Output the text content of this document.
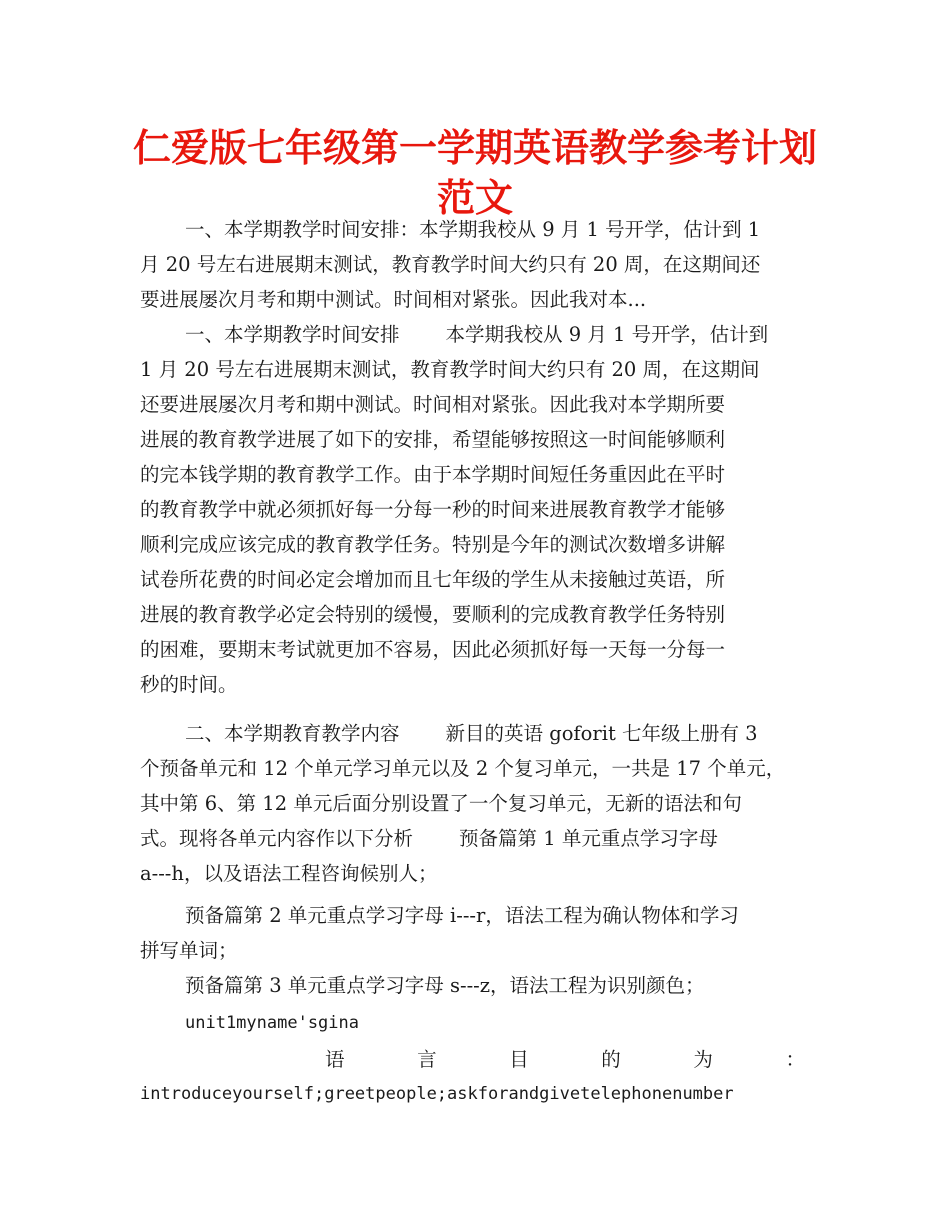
仁爱版七年级第一学期英语教学参考计划
范文
一、本学期教学时间安排：本学期我校从 9 月 1 号开学，估计到 1
月 20 号左右进展期末测试，教育教学时间大约只有 20 周，在这期间还
要进展屡次月考和期中测试。时间相对紧张。因此我对本...
一、本学期教学时间安排 本学期我校从 9 月 1 号开学，估计到
1 月 20 号左右进展期末测试，教育教学时间大约只有 20 周，在这期间
还要进展屡次月考和期中测试。时间相对紧张。因此我对本学期所要
进展的教育教学进展了如下的安排，希望能够按照这一时间能够顺利
的完本钱学期的教育教学工作。由于本学期时间短任务重因此在平时
的教育教学中就必须抓好每一分每一秒的时间来进展教育教学才能够
顺利完成应该完成的教育教学任务。特别是今年的测试次数增多讲解
试卷所花费的时间必定会增加而且七年级的学生从未接触过英语，所
进展的教育教学必定会特别的缓慢，要顺利的完成教育教学任务特别
的困难，要期末考试就更加不容易，因此必须抓好每一天每一分每一
秒的时间。
二、本学期教育教学内容 新目的英语 goforit 七年级上册有 3
个预备单元和 12 个单元学习单元以及 2 个复习单元，一共是 17 个单元，
其中第 6、第 12 单元后面分别设置了一个复习单元，无新的语法和句
式。现将各单元内容作以下分析 预备篇第 1 单元重点学习字母
a---h，以及语法工程咨询候别人；
预备篇第 2 单元重点学习字母 i---r，语法工程为确认物体和学习
拼写单词；
预备篇第 3 单元重点学习字母 s---z，语法工程为识别颜色；
unit1myname'sgina
语	言	目	的	为	：
introduceyourself;greetpeople;askforandgivetelephonenumber
